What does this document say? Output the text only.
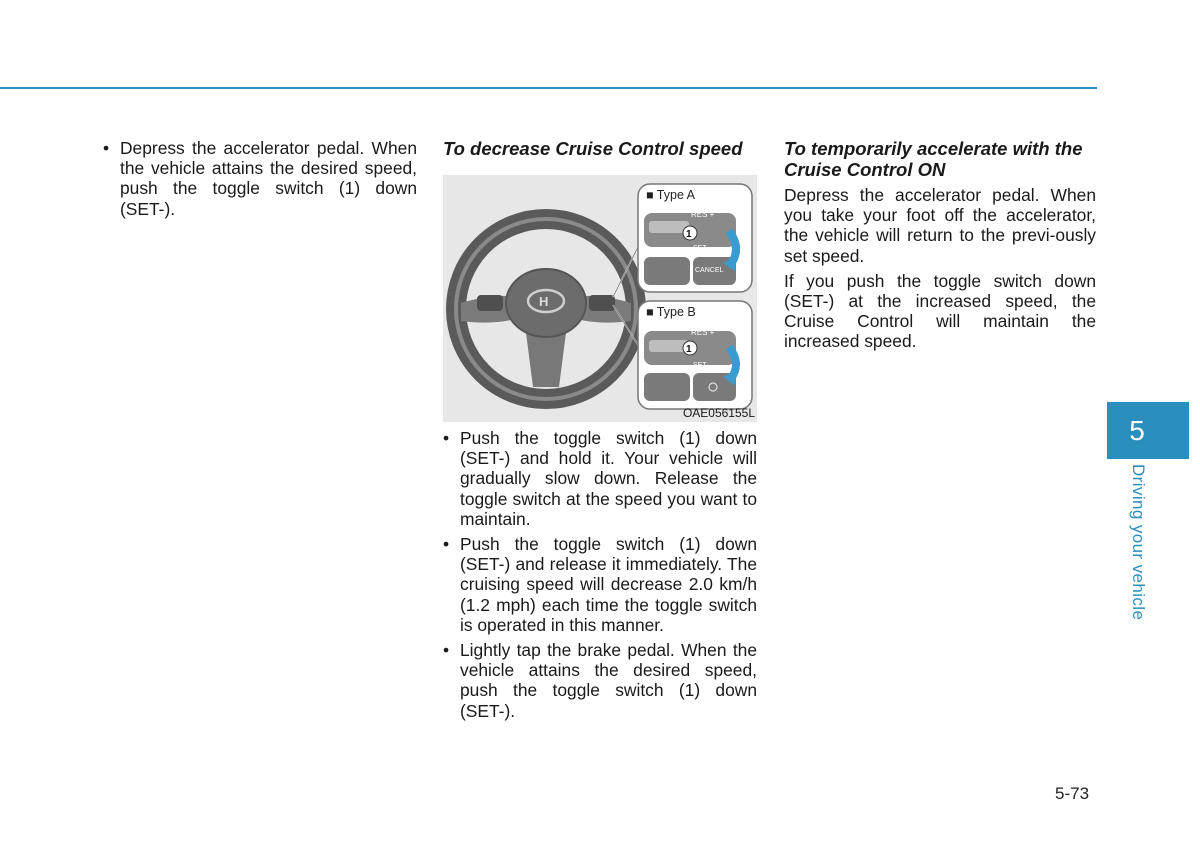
• Depress the accelerator pedal. When the vehicle attains the desired speed, push the toggle switch (1) down (SET-).
To decrease Cruise Control speed
H
RES +
SET –
CANCEL
RES +
SET –
1
1
■ Type A
■ Type B
OAE056155L
• Push the toggle switch (1) down (SET-) and hold it. Your vehicle will gradually slow down. Release the toggle switch at the speed you want to maintain.
• Push the toggle switch (1) down (SET-) and release it immediately. The cruising speed will decrease 2.0 km/h (1.2 mph) each time the toggle switch is operated in this manner.
• Lightly tap the brake pedal. When the vehicle attains the desired speed, push the toggle switch (1) down (SET-).
To temporarily accelerate with the Cruise Control ON

Depress the accelerator pedal. When you take your foot off the accelerator, the vehicle will return to the previ-ously set speed.

If you push the toggle switch down (SET-) at the increased speed, the Cruise Control will maintain the increased speed.

5
Driving your vehicle
5-73
